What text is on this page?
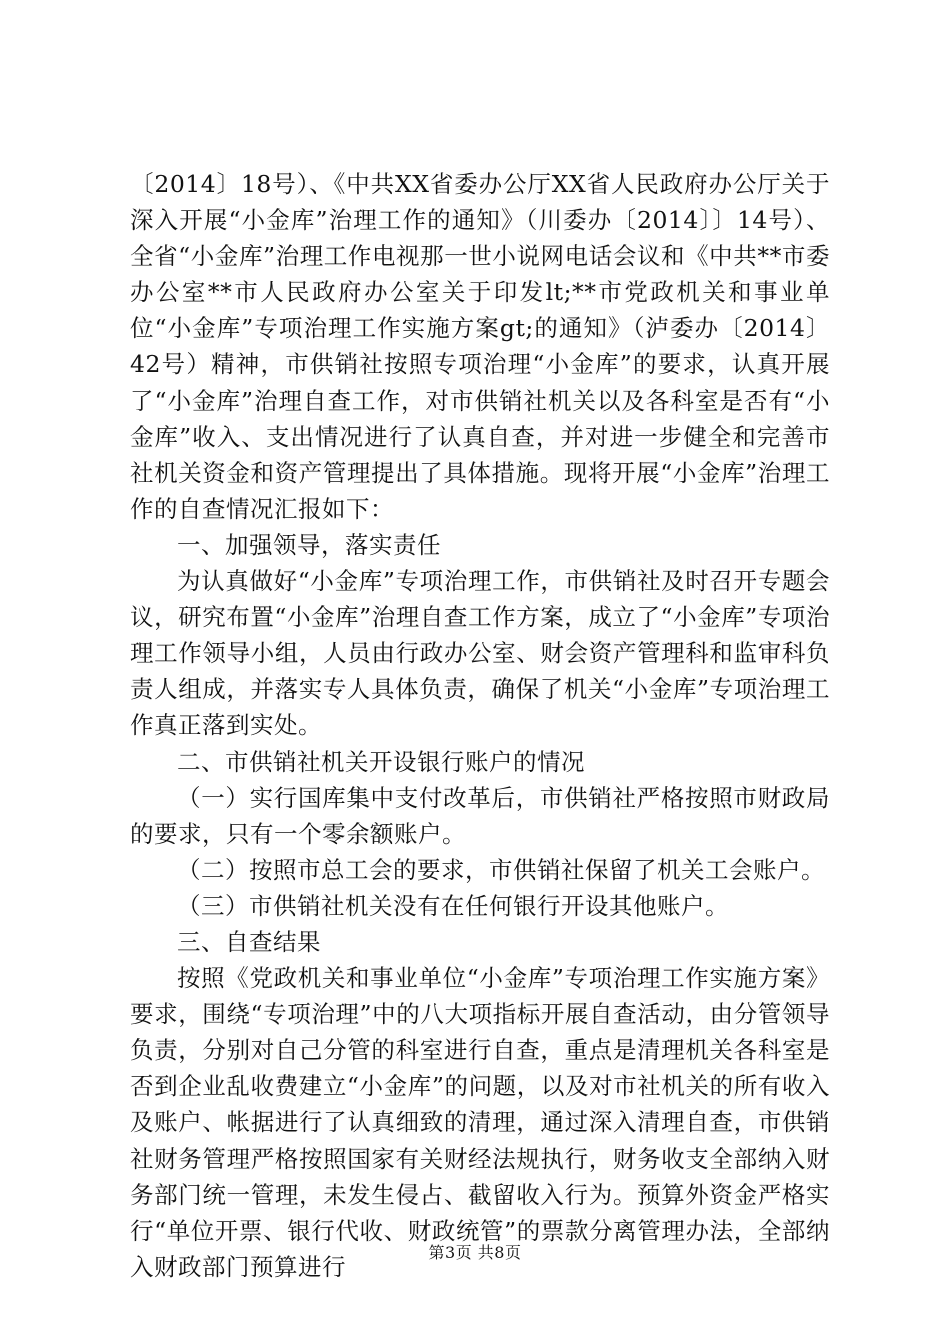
〔2014〕18号）、《中共XX省委办公厅XX省人民政府办公厅关于深入开展“小金库”治理工作的通知》（川委办〔2014〕〕14号）、全省“小金库”治理工作电视那一世小说网电话会议和《中共**市委办公室**市人民政府办公室关于印发lt;**市党政机关和事业单位“小金库”专项治理工作实施方案gt;的通知》（泸委办〔2014〕42号）精神，市供销社按照专项治理“小金库”的要求，认真开展了“小金库”治理自查工作，对市供销社机关以及各科室是否有“小金库”收入、支出情况进行了认真自查，并对进一步健全和完善市社机关资金和资产管理提出了具体措施。现将开展“小金库”治理工作的自查情况汇报如下：

一、加强领导，落实责任

为认真做好“小金库”专项治理工作，市供销社及时召开专题会议，研究布置“小金库”治理自查工作方案，成立了“小金库”专项治理工作领导小组，人员由行政办公室、财会资产管理科和监审科负责人组成，并落实专人具体负责，确保了机关“小金库”专项治理工作真正落到实处。

二、市供销社机关开设银行账户的情况

（一）实行国库集中支付改革后，市供销社严格按照市财政局的要求，只有一个零余额账户。

（二）按照市总工会的要求，市供销社保留了机关工会账户。

（三）市供销社机关没有在任何银行开设其他账户。

三、自查结果

按照《党政机关和事业单位“小金库”专项治理工作实施方案》要求，围绕“专项治理”中的八大项指标开展自查活动，由分管领导负责，分别对自己分管的科室进行自查，重点是清理机关各科室是否到企业乱收费建立“小金库”的问题，以及对市社机关的所有收入及账户、帐据进行了认真细致的清理，通过深入清理自查，市供销社财务管理严格按照国家有关财经法规执行，财务收支全部纳入财务部门统一管理，未发生侵占、截留收入行为。预算外资金严格实行“单位开票、银行代收、财政统管”的票款分离管理办法，全部纳入财政部门预算进行

第3页 共8页
